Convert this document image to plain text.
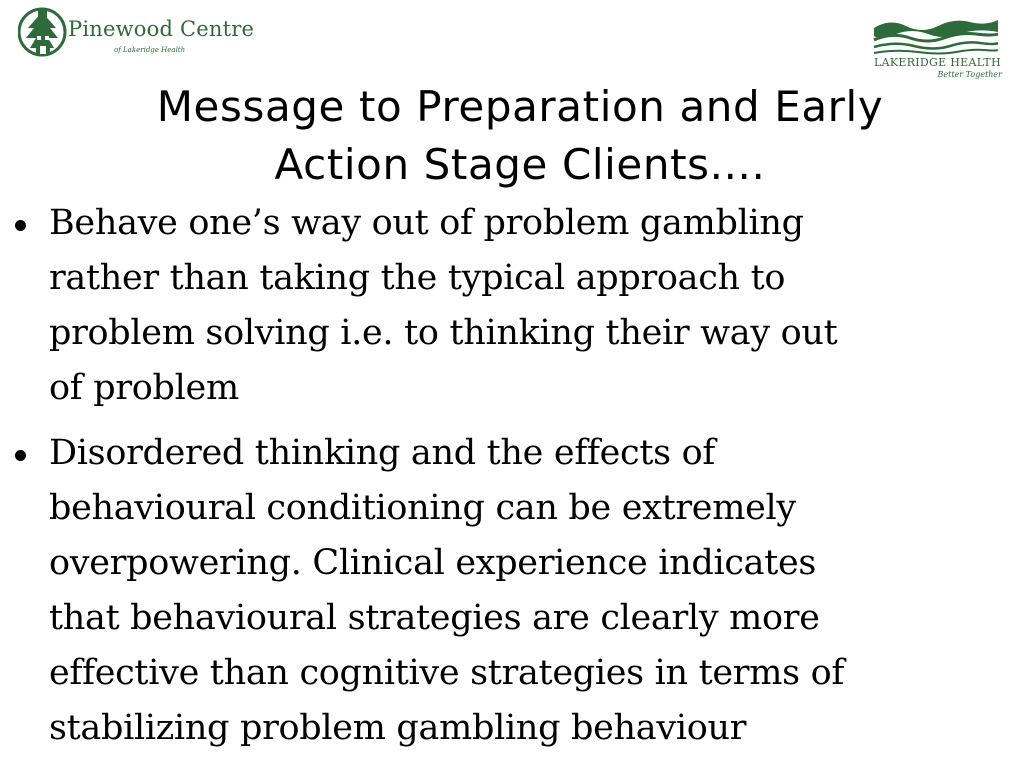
Pinewood Centre
of Lakeridge Health
LAKERIDGE HEALTH
Better Together
Message to Preparation and Early
Action Stage Clients....
Behave one’s way out of problem gambling
rather than taking the typical approach to
problem solving i.e. to thinking their way out
of problem
Disordered thinking and the effects of
behavioural conditioning can be extremely
overpowering. Clinical experience indicates
that behavioural strategies are clearly more
effective than cognitive strategies in terms of
stabilizing problem gambling behaviour
